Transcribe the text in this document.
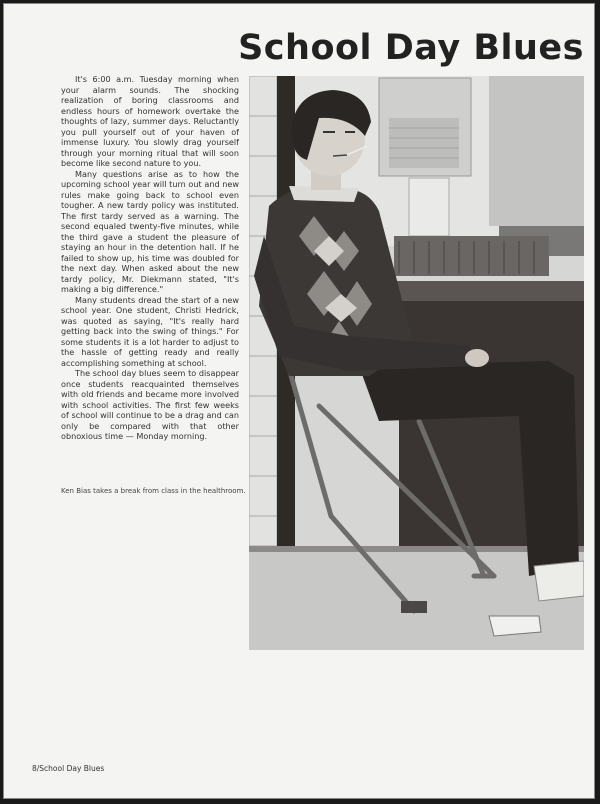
School Day Blues

It's 6:00 a.m. Tuesday morning when your alarm sounds. The shocking realization of boring classrooms and endless hours of homework overtake the thoughts of lazy, summer days. Reluctantly you pull yourself out of your haven of immense luxury. You slowly drag yourself through your morning ritual that will soon become like second nature to you.

Many questions arise as to how the upcoming school year will turn out and new rules make going back to school even tougher. A new tardy policy was instituted. The first tardy served as a warning. The second equaled twenty-five minutes, while the third gave a student the pleasure of staying an hour in the detention hall. If he failed to show up, his time was doubled for the next day. When asked about the new tardy policy, Mr. Diekmann stated, "It's making a big difference."

Many students dread the start of a new school year. One student, Christi Hedrick, was quoted as saying, "It's really hard getting back into the swing of things." For some students it is a lot harder to adjust to the hassle of getting ready and really accomplishing something at school.

The school day blues seem to disappear once students reacquainted themselves with old friends and became more involved with school activities. The first few weeks of school will continue to be a drag and can only be compared with that other obnoxious time — Monday morning.

Ken Bias takes a break from class in the healthroom.

8/School Day Blues
